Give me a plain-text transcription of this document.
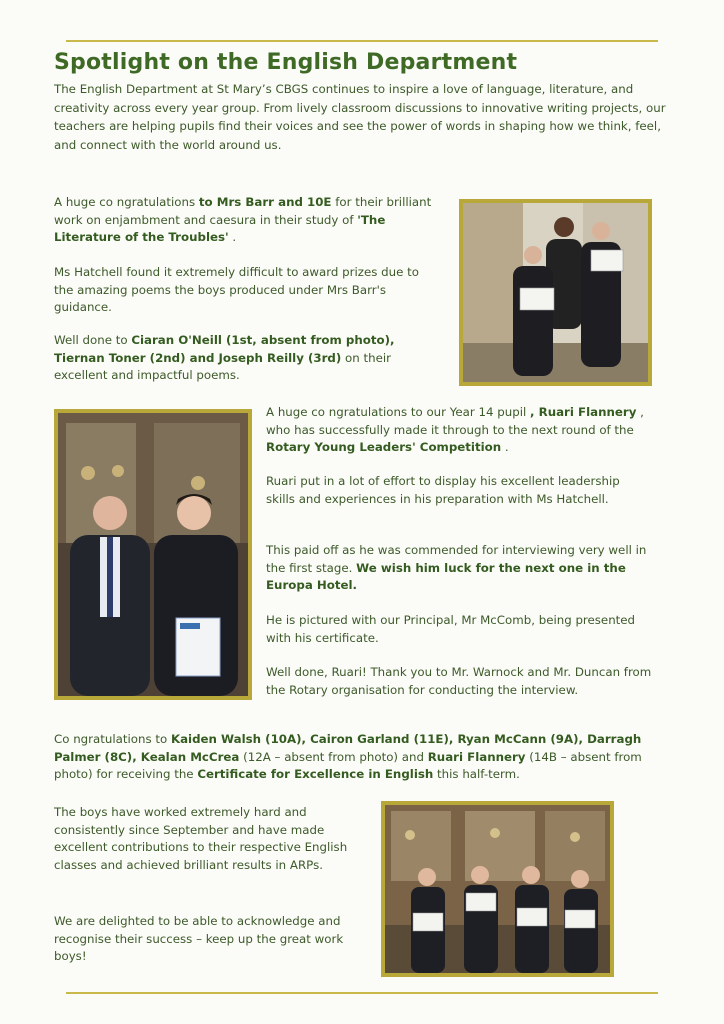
Spotlight on the English Department

The English Department at St Mary’s CBGS continues to inspire a love of language, literature, and creativity across every year group. From lively classroom discussions to innovative writing projects, our teachers are helping pupils find their voices and see the power of words in shaping how we think, feel, and connect with the world around us.

A huge co ngratulations to Mrs Barr and 10E for their brilliant work on enjambment and caesura in their study of 'The Literature of the Troubles' .

Ms Hatchell found it extremely difficult to award prizes due to the amazing poems the boys produced under Mrs Barr's guidance.

Well done to Ciaran O'Neill (1st, absent from photo), Tiernan Toner (2nd) and Joseph Reilly (3rd) on their excellent and impactful poems.

A huge co ngratulations to our Year 14 pupil , Ruari Flannery , who has successfully made it through to the next round of the Rotary Young Leaders' Competition .

Ruari put in a lot of effort to display his excellent leadership skills and experiences in his preparation with Ms Hatchell.

This paid off as he was commended for interviewing very well in the first stage. We wish him luck for the next one in the Europa Hotel.

He is pictured with our Principal, Mr McComb, being presented with his certificate.

Well done, Ruari! Thank you to Mr. Warnock and Mr. Duncan from the Rotary organisation for conducting the interview.

Co ngratulations to Kaiden Walsh (10A), Cairon Garland (11E), Ryan McCann (9A), Darragh Palmer (8C), Kealan McCrea (12A – absent from photo) and Ruari Flannery (14B – absent from photo) for receiving the Certificate for Excellence in English this half-term.

The boys have worked extremely hard and consistently since September and have made excellent contributions to their respective English classes and achieved brilliant results in ARPs.

We are delighted to be able to acknowledge and recognise their success – keep up the great work boys!
